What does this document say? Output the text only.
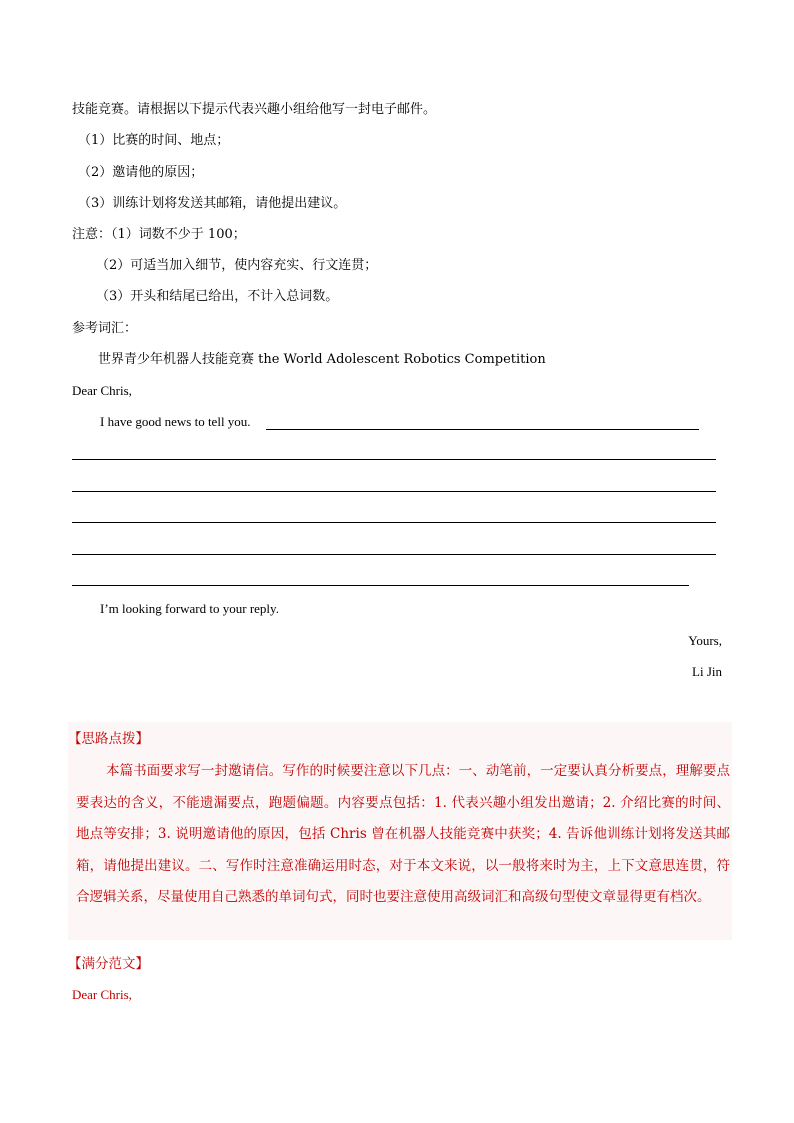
技能竞赛。请根据以下提示代表兴趣小组给他写一封电子邮件。
（1）比赛的时间、地点；
（2）邀请他的原因；
（3）训练计划将发送其邮箱，请他提出建议。
注意：（1）词数不少于 100；
（2）可适当加入细节，使内容充实、行文连贯；
（3）开头和结尾已给出，不计入总词数。
参考词汇：
世界青少年机器人技能竞赛 the World Adolescent Robotics Competition
Dear Chris,
I have good news to tell you.
I’m looking forward to your reply.
Yours,
Li Jin
【思路点拨】
本篇书面要求写一封邀请信。写作的时候要注意以下几点：一、动笔前，一定要认真分析要点，理解要点要表达的含义，不能遗漏要点，跑题偏题。内容要点包括：1. 代表兴趣小组发出邀请；2. 介绍比赛的时间、地点等安排；3. 说明邀请他的原因，包括 Chris 曾在机器人技能竞赛中获奖；4. 告诉他训练计划将发送其邮箱，请他提出建议。二、写作时注意准确运用时态，对于本文来说，以一般将来时为主，上下文意思连贯，符合逻辑关系，尽量使用自己熟悉的单词句式，同时也要注意使用高级词汇和高级句型使文章显得更有档次。
【满分范文】
Dear Chris,
